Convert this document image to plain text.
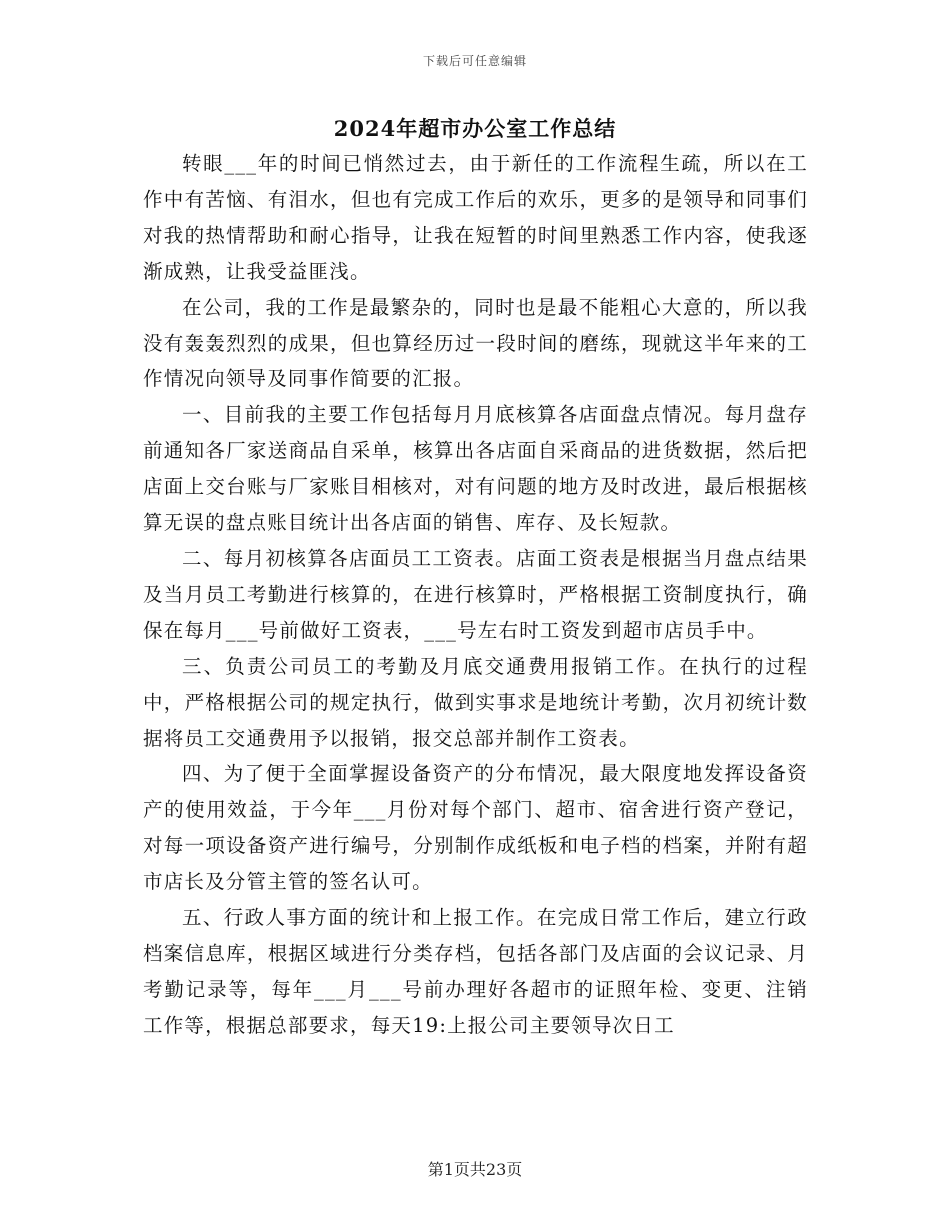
下载后可任意编辑
2024年超市办公室工作总结

转眼___年的时间已悄然过去，由于新任的工作流程生疏，所以在工作中有苦恼、有泪水，但也有完成工作后的欢乐，更多的是领导和同事们对我的热情帮助和耐心指导，让我在短暂的时间里熟悉工作内容，使我逐渐成熟，让我受益匪浅。

在公司，我的工作是最繁杂的，同时也是最不能粗心大意的，所以我没有轰轰烈烈的成果，但也算经历过一段时间的磨练，现就这半年来的工作情况向领导及同事作简要的汇报。

一、目前我的主要工作包括每月月底核算各店面盘点情况。每月盘存前通知各厂家送商品自采单，核算出各店面自采商品的进货数据，然后把店面上交台账与厂家账目相核对，对有问题的地方及时改进，最后根据核算无误的盘点账目统计出各店面的销售、库存、及长短款。

二、每月初核算各店面员工工资表。店面工资表是根据当月盘点结果及当月员工考勤进行核算的，在进行核算时，严格根据工资制度执行，确保在每月___号前做好工资表，___号左右时工资发到超市店员手中。

三、负责公司员工的考勤及月底交通费用报销工作。在执行的过程中，严格根据公司的规定执行，做到实事求是地统计考勤，次月初统计数据将员工交通费用予以报销，报交总部并制作工资表。

四、为了便于全面掌握设备资产的分布情况，最大限度地发挥设备资产的使用效益，于今年___月份对每个部门、超市、宿舍进行资产登记，对每一项设备资产进行编号，分别制作成纸板和电子档的档案，并附有超市店长及分管主管的签名认可。

五、行政人事方面的统计和上报工作。在完成日常工作后，建立行政档案信息库，根据区域进行分类存档，包括各部门及店面的会议记录、月考勤记录等，每年___月___号前办理好各超市的证照年检、变更、注销工作等，根据总部要求，每天19:上报公司主要领导次日工

第1页共23页
